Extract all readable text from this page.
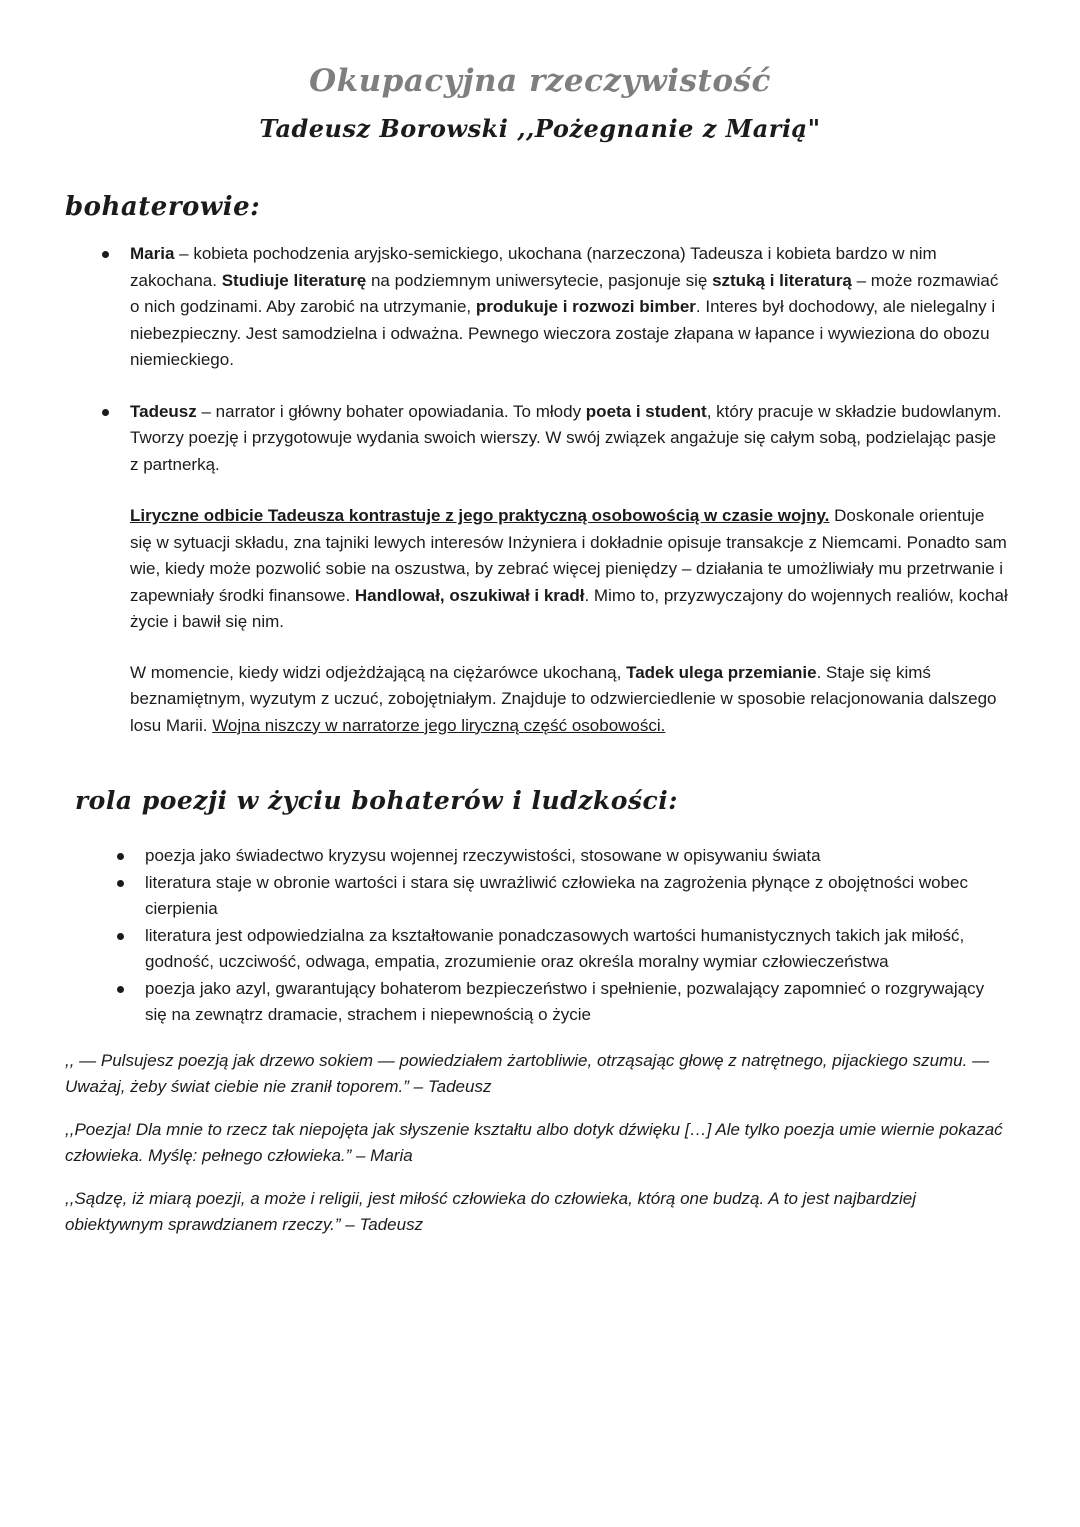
Okupacyjna rzeczywistość
Tadeusz Borowski ,,Pożegnanie z Marią"
bohaterowie:
Maria – kobieta pochodzenia aryjsko-semickiego, ukochana (narzeczona) Tadeusza i kobieta bardzo w nim zakochana. Studiuje literaturę na podziemnym uniwersytecie, pasjonuje się sztuką i literaturą – może rozmawiać o nich godzinami. Aby zarobić na utrzymanie, produkuje i rozwozi bimber. Interes był dochodowy, ale nielegalny i niebezpieczny. Jest samodzielna i odważna. Pewnego wieczora zostaje złapana w łapance i wywieziona do obozu niemieckiego.
Tadeusz – narrator i główny bohater opowiadania. To młody poeta i student, który pracuje w składzie budowlanym. Tworzy poezję i przygotowuje wydania swoich wierszy. W swój związek angażuje się całym sobą, podzielając pasje z partnerką.

Liryczne odbicie Tadeusza kontrastuje z jego praktyczną osobowością w czasie wojny. Doskonale orientuje się w sytuacji składu, zna tajniki lewych interesów Inżyniera i dokładnie opisuje transakcje z Niemcami. Ponadto sam wie, kiedy może pozwolić sobie na oszustwa, by zebrać więcej pieniędzy – działania te umożliwiały mu przetrwanie i zapewniały środki finansowe. Handlował, oszukiwał i kradł. Mimo to, przyzwyczajony do wojennych realiów, kochał życie i bawił się nim.

W momencie, kiedy widzi odjeżdżającą na ciężarówce ukochaną, Tadek ulega przemianie. Staje się kimś beznamiętnym, wyzutym z uczuć, zobojętniałym. Znajduje to odzwierciedlenie w sposobie relacjonowania dalszego losu Marii. Wojna niszczy w narratorze jego liryczną część osobowości.

rola poezji w życiu bohaterów i ludzkości:
poezja jako świadectwo kryzysu wojennej rzeczywistości, stosowane w opisywaniu świata
literatura staje w obronie wartości i stara się uwrażliwić człowieka na zagrożenia płynące z obojętności wobec cierpienia
literatura jest odpowiedzialna za kształtowanie ponadczasowych wartości humanistycznych takich jak miłość, godność, uczciwość, odwaga, empatia, zrozumienie oraz określa moralny wymiar człowieczeństwa
poezja jako azyl, gwarantujący bohaterom bezpieczeństwo i spełnienie, pozwalający zapomnieć o rozgrywający się na zewnątrz dramacie, strachem i niepewnością o życie

,, — Pulsujesz poezją jak drzewo sokiem — powiedziałem żartobliwie, otrząsając głowę z natrętnego, pijackiego szumu. — Uważaj, żeby świat ciebie nie zranił toporem.” – Tadeusz

,,Poezja! Dla mnie to rzecz tak niepojęta jak słyszenie kształtu albo dotyk dźwięku […] Ale tylko poezja umie wiernie pokazać człowieka. Myślę: pełnego człowieka.” – Maria

,,Sądzę, iż miarą poezji, a może i religii, jest miłość człowieka do człowieka, którą one budzą. A to jest najbardziej obiektywnym sprawdzianem rzeczy.” – Tadeusz
